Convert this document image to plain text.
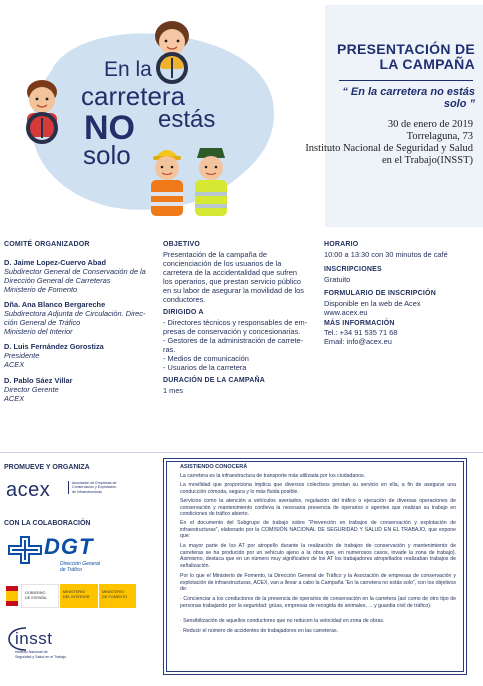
En la
carretera
NO estás
solo
PRESENTACIÓN DE LA CAMPAÑA
“ En la carretera no estás solo ”
30 de enero de 2019
Torrelaguna, 73
Instituto Nacional de Seguridad y Salud
en el Trabajo(INSST)
COMITÉ ORGANIZADOR
D. Jaime Lopez-Cuervo Abad
Subdirector General de Conservación de la
Dirección General de Carreteras
Ministerio de Fomento
Dña. Ana Blanco Bergareche
Subdirectora Adjunta de Circulación. Direc-
ción General de Tráfico
Ministerio del Interior
D. Luis Fernández Gorostiza
Presidente
ACEX
D. Pablo Sáez Villar
Director Gerente
ACEX
OBJETIVO
Presentación de la campaña de
concienciación de los usuarios de la
carretera de la accidentalidad que sufren
los operarios, que prestan servicio público
en su labor de asegurar la movilidad de los
conductores.
DIRIGIDO A
- Directores técnicos y responsables de em-
presas de conservación y concesionarias.
- Gestores de la administración de carrete-
ras.
- Medios de comunicación
- Usuarios de la carretera
DURACIÓN DE LA CAMPAÑA
1 mes
HORARIO
10:00 a 13:30 con 30 minutos de café
INSCRIPCIONES
Gratuito
FORMULARIO DE INSCRIPCIÓN
Disponible en la web de Acex
www.acex.eu
MÁS INFORMACIÓN
Tel.: +34 91 535 71 68
Email: info@acex.eu
PROMUEVE Y ORGANIZA
acex	Asociación de Empresas de
Conservación y Explotación
de Infraestructuras
CON LA COLABORACIÓN
DGT
Dirección General
de Tráfico
GOBIERNO
DE ESPAÑA
MINISTERIO
DEL INTERIOR
MINISTERIO
DE FOMENTO
insst
Instituto Nacional de
Seguridad y Salud en el Trabajo
ASISTIENDO CONOCERÁ
La carretera es la infraestructura de transporte más utilizada por los ciudadanos.
La movilidad que proporciona implica que diversos colectivos prestan su servicio en ella, a fin de asegurar una conducción cómoda, segura y lo más fluida posible.
Servicios como la atención a vehículos averiados, regulación del tráfico o ejecución de diversas operaciones de conservación y mantenimiento conlleva la necesaria presencia de operarios o agentes que realizan su trabajo en condiciones de tráfico abierto.
En el documento del Subgrupo de trabajo sobre “Prevención en trabajos de conservación y explotación de infraestructuras”, elaborado por la COMISIÓN NACIONAL DE SEGURIDAD Y SALUD EN EL TRABAJO, que expone que:
La mayor parte de los AT por atropello durante la realización de trabajos de conservación y mantenimiento de carreteras se ha producido por un vehículo ajeno a la obra que, en numerosos casos, invade la zona de trabajo). Asimismo, destaca que en un número muy significativo de los AT los trabajadores atropellados realizaban trabajos de señalización.
Por lo que el Ministerio de Fomento, la Dirección General de Tráfico y la Asociación de empresas de conservación y explotación de infraestructuras, ACEX, van a llevar a cabo la Campaña “En la carretera no estás solo”, con los objetivos de:
· Concienciar a los conductores de la presencia de operarios de conservación en la carretera (así como de otro tipo de personas trabajando por la seguridad: grúas, empresas de recogida de animales, ... y guardia civil de tráfico).
· Sensibilización de aquellos conductores que no reducen la velocidad en zona de obras.
· Reducir el número de accidentes de trabajadores en las carreteras.
